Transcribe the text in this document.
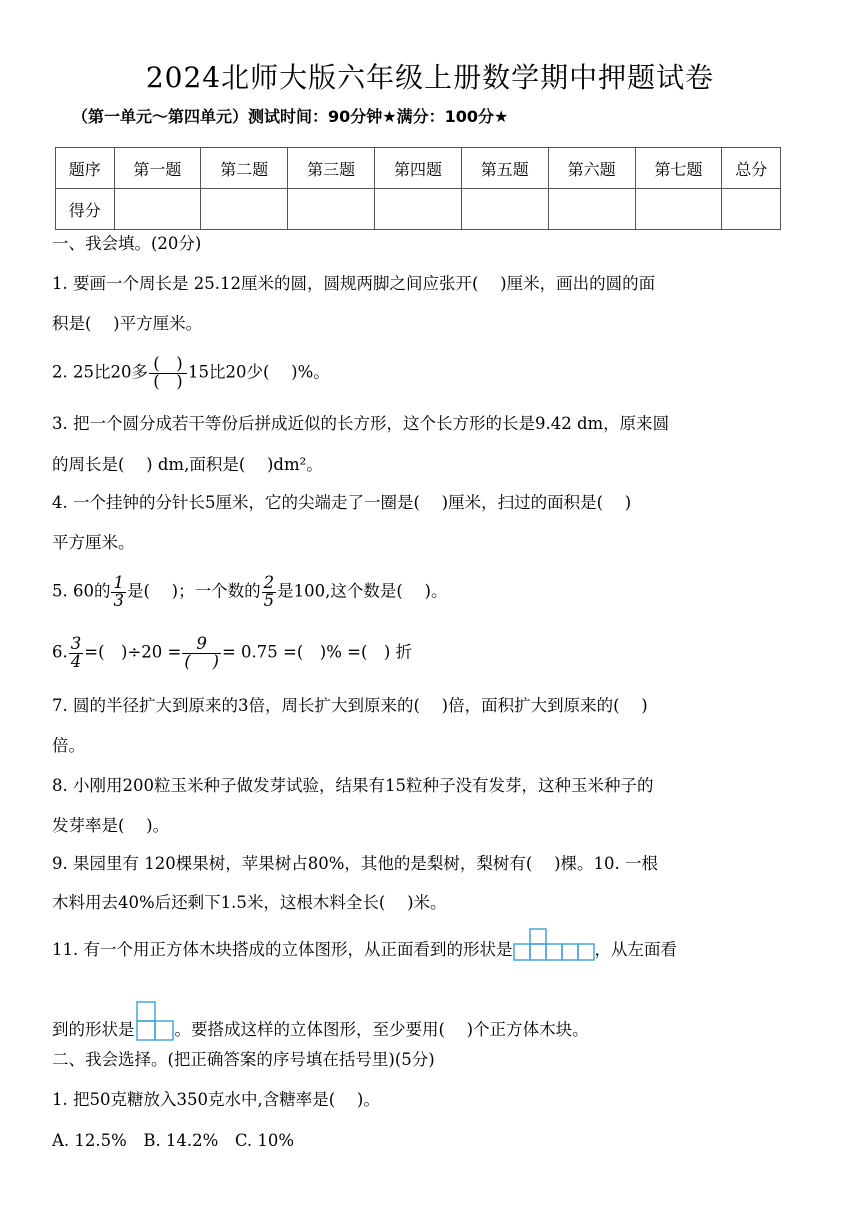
2024北师大版六年级上册数学期中押题试卷
（第一单元～第四单元）测试时间：90分钟★满分：100分★
题序	第一题	第二题	第三题	第四题	第五题	第六题	第七题	总分
得分								
一、我会填。(20分)
1. 要画一个周长是 25.12厘米的圆，圆规两脚之间应张开(　 )厘米，画出的圆的面
积是(　 )平方厘米。
2. 25比20多 $\frac{( )}{( )} 15$比20少(　 )%。
3. 把一个圆分成若干等份后拼成近似的长方形，这个长方形的长是9.42 dm，原来圆
的周长是(　 ) dm,面积是(　 )dm²。
4. 一个挂钟的分针长5厘米，它的尖端走了一圈是(　 )厘米，扫过的面积是(　 )
平方厘米。
5. 60的 $\frac{1}{3}$ 是(　 )；一个数的 $\frac{2}{5}$ 是100,这个数是(　 )。
6. $\frac{3}{4}$ =(　)$\div 20 = \frac{9}{( )} = 0.75$ =(　)% =(　) 折
7. 圆的半径扩大到原来的3倍，周长扩大到原来的(　 )倍，面积扩大到原来的(　 )
倍。
8. 小刚用200粒玉米种子做发芽试验，结果有15粒种子没有发芽，这种玉米种子的
发芽率是(　 )。
9. 果园里有 120棵果树，苹果树占80%，其他的是梨树，梨树有(　 )棵。10. 一根
木料用去40%后还剩下1.5米，这根木料全长(　 )米。
11. 有一个用正方体木块搭成的立体图形，从正面看到的形状是	，从左面看
到的形状是 。要搭成这样的立体图形，至少要用(　 )个正方体木块。
二、我会选择。(把正确答案的序号填在括号里)(5分)
1. 把50克糖放入350克水中,含糖率是(　 )。
A. 12.5%　B. 14.2%　C. 10%
